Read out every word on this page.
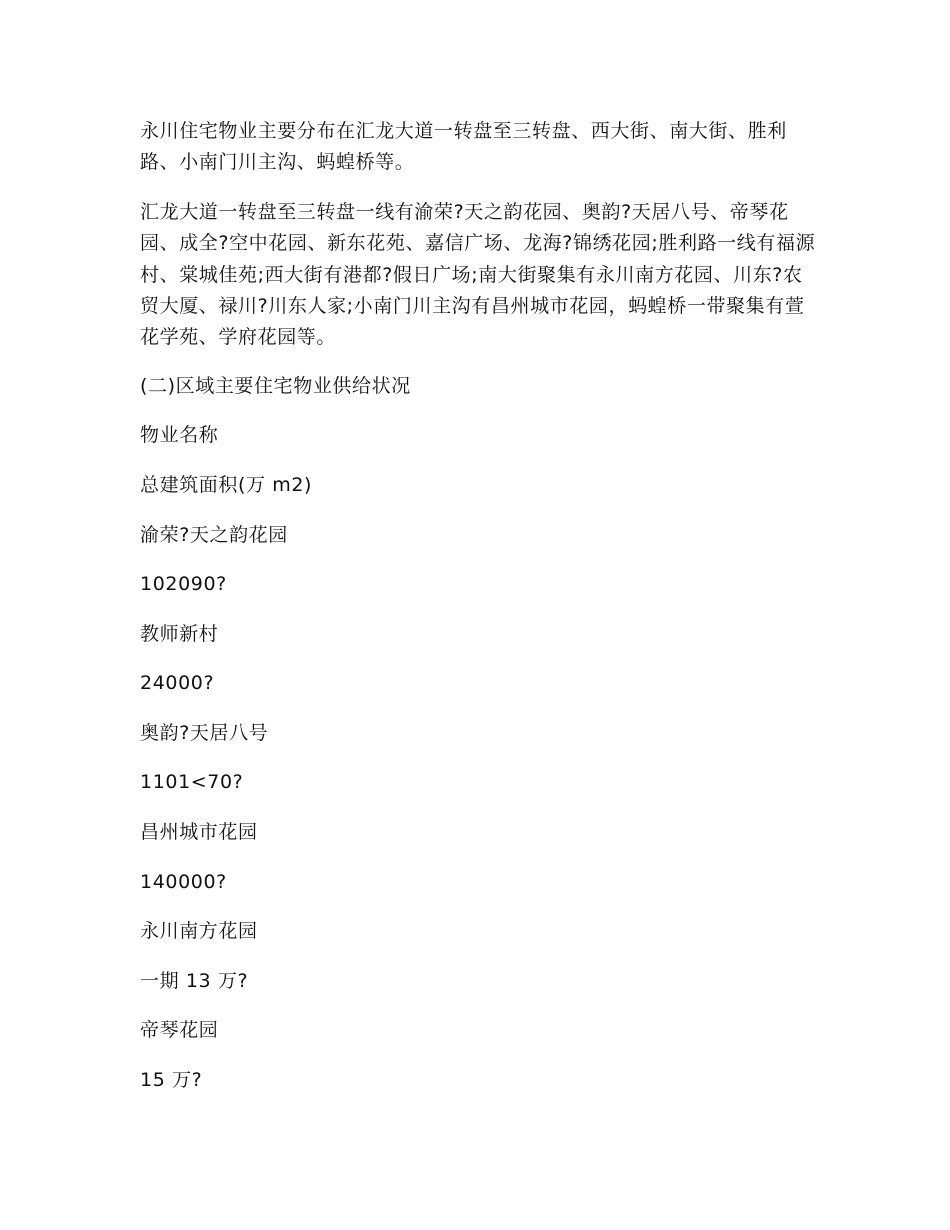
永川住宅物业主要分布在汇龙大道一转盘至三转盘、西大街、南大街、胜利路、小南门川主沟、蚂蝗桥等。

汇龙大道一转盘至三转盘一线有渝荣?天之韵花园、奥韵?天居八号、帝琴花园、成全?空中花园、新东花苑、嘉信广场、龙海?锦绣花园;胜利路一线有福源村、棠城佳苑;西大街有港都?假日广场;南大街聚集有永川南方花园、川东?农贸大厦、禄川?川东人家;小南门川主沟有昌州城市花园，蚂蝗桥一带聚集有萱花学苑、学府花园等。

(二)区域主要住宅物业供给状况
物业名称
总建筑面积(万 m2)
渝荣?天之韵花园
102090?
教师新村
24000?
奥韵?天居八号
1101<70?
昌州城市花园
140000?
永川南方花园
一期 13 万?
帝琴花园
15 万?
